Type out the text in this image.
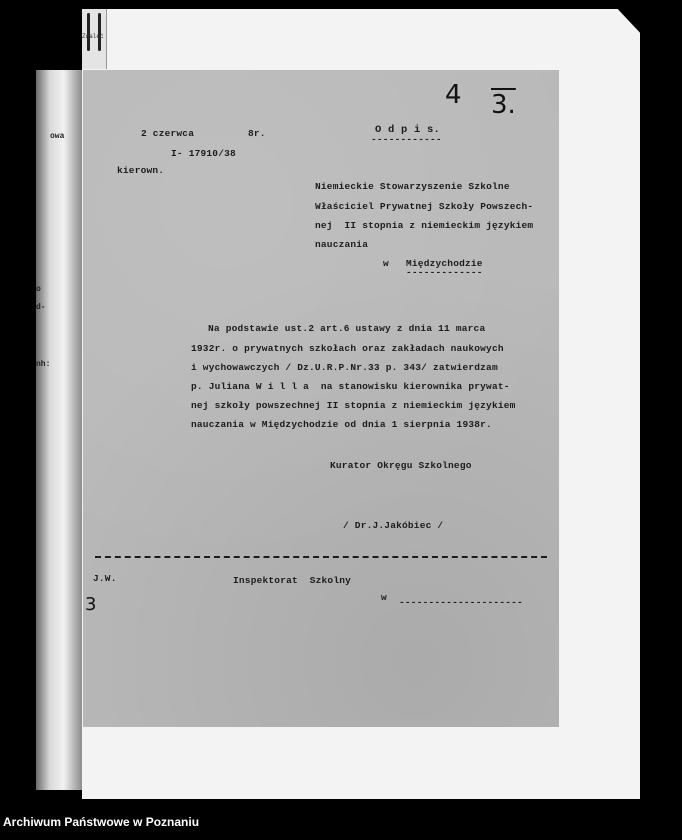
owa
o
d-
nh:
Zdaleć
4 3.
2 czerwca	8r.
I- 17910/38
kierown.
O d p i s.
------------
Niemieckie Stowarzyszenie Szkolne
Właściciel Prywatnej Szkoły Powszech-
nej  II stopnia z niemieckim językiem
nauczania
w Międzychodzie
-------------
Na podstawie ust.2 art.6 ustawy z dnia 11 marca
1932r. o prywatnych szkołach oraz zakładach naukowych
i wychowawczych / Dz.U.R.P.Nr.33 p. 343/ zatwierdzam
p. Juliana W i l l a  na stanowisku kierownika prywat-
nej szkoły powszechnej II stopnia z niemieckim językiem
nauczania w Międzychodzie od dnia 1 sierpnia 1938r.
Kurator Okręgu Szkolnego
/ Dr.J.Jakóbiec /
J.W.	Inspektorat  Szkolny
w ---------------------
3
Archiwum Państwowe w Poznaniu
